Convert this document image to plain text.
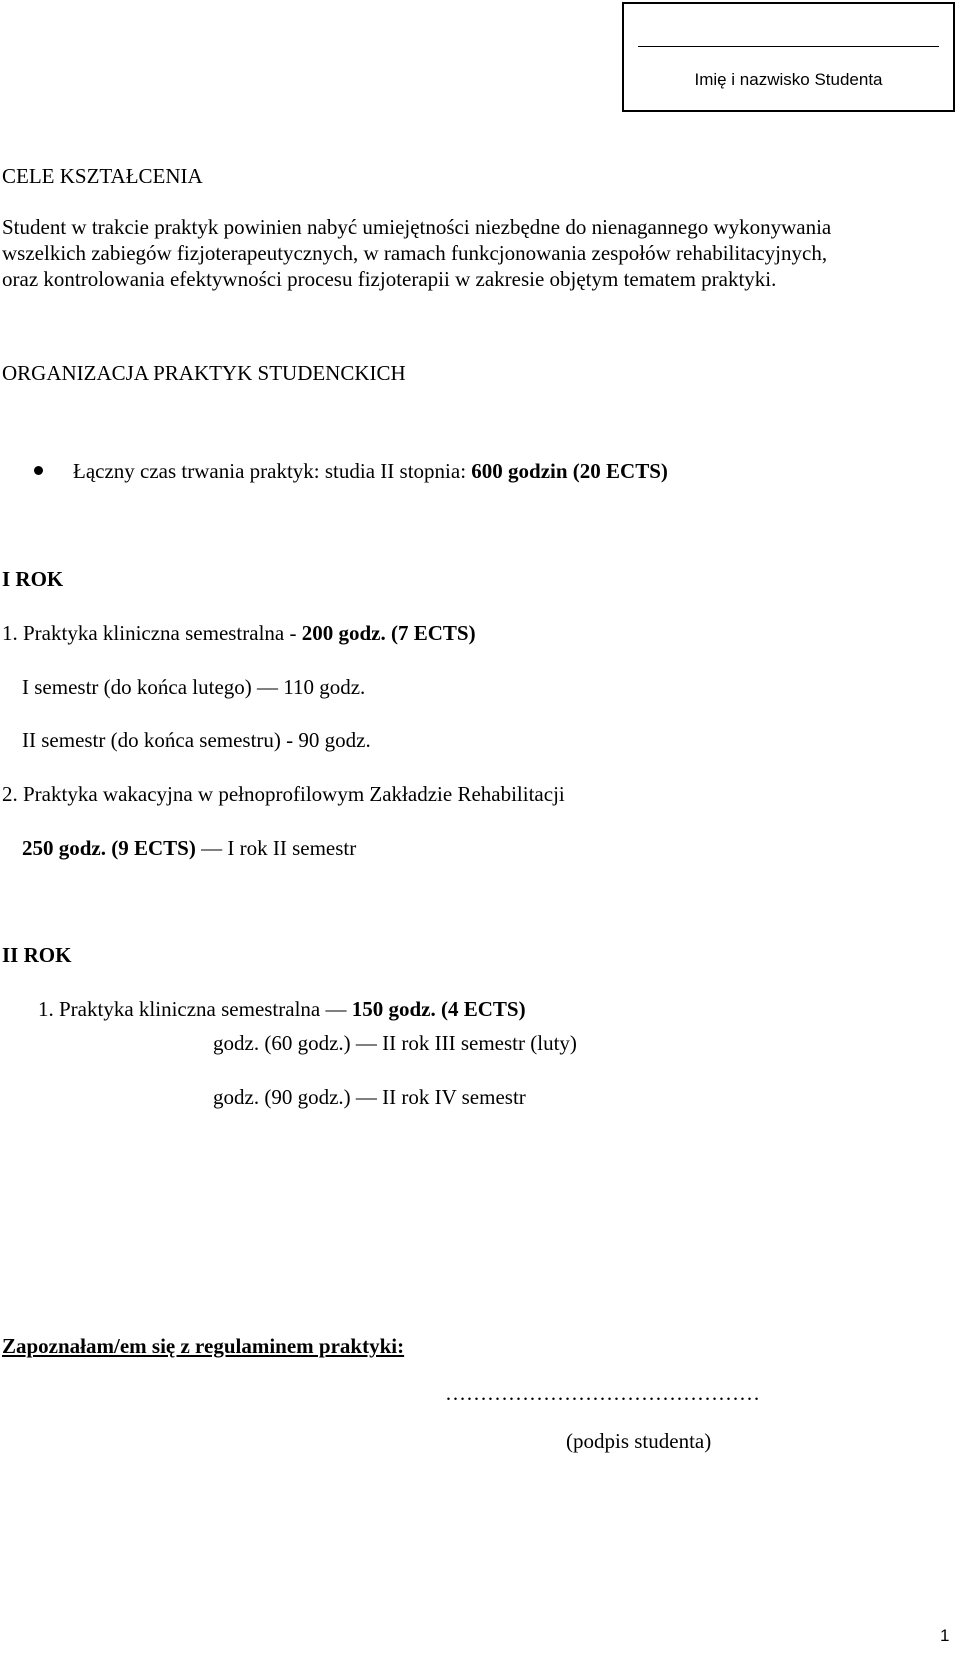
Imię i nazwisko Studenta
CELE KSZTAŁCENIA
Student w trakcie praktyk powinien nabyć umiejętności niezbędne do nienagannego wykonywania
wszelkich zabiegów fizjoterapeutycznych, w ramach funkcjonowania zespołów rehabilitacyjnych,
oraz kontrolowania efektywności procesu fizjoterapii w zakresie objętym tematem praktyki.
ORGANIZACJA PRAKTYK STUDENCKICH
Łączny czas trwania praktyk: studia II stopnia: 600 godzin (20 ECTS)
I ROK
1. Praktyka kliniczna semestralna - 200 godz. (7 ECTS)
I semestr (do końca lutego) — 110 godz.
II semestr (do końca semestru) - 90 godz.
2. Praktyka wakacyjna w pełnoprofilowym Zakładzie Rehabilitacji
250 godz. (9 ECTS) — I rok II semestr
II ROK
1. Praktyka kliniczna semestralna — 150 godz. (4 ECTS)
godz. (60 godz.) — II rok III semestr (luty)
godz. (90 godz.) — II rok IV semestr
Zapoznałam/em się z regulaminem praktyki:
………………………………………
(podpis studenta)
1
